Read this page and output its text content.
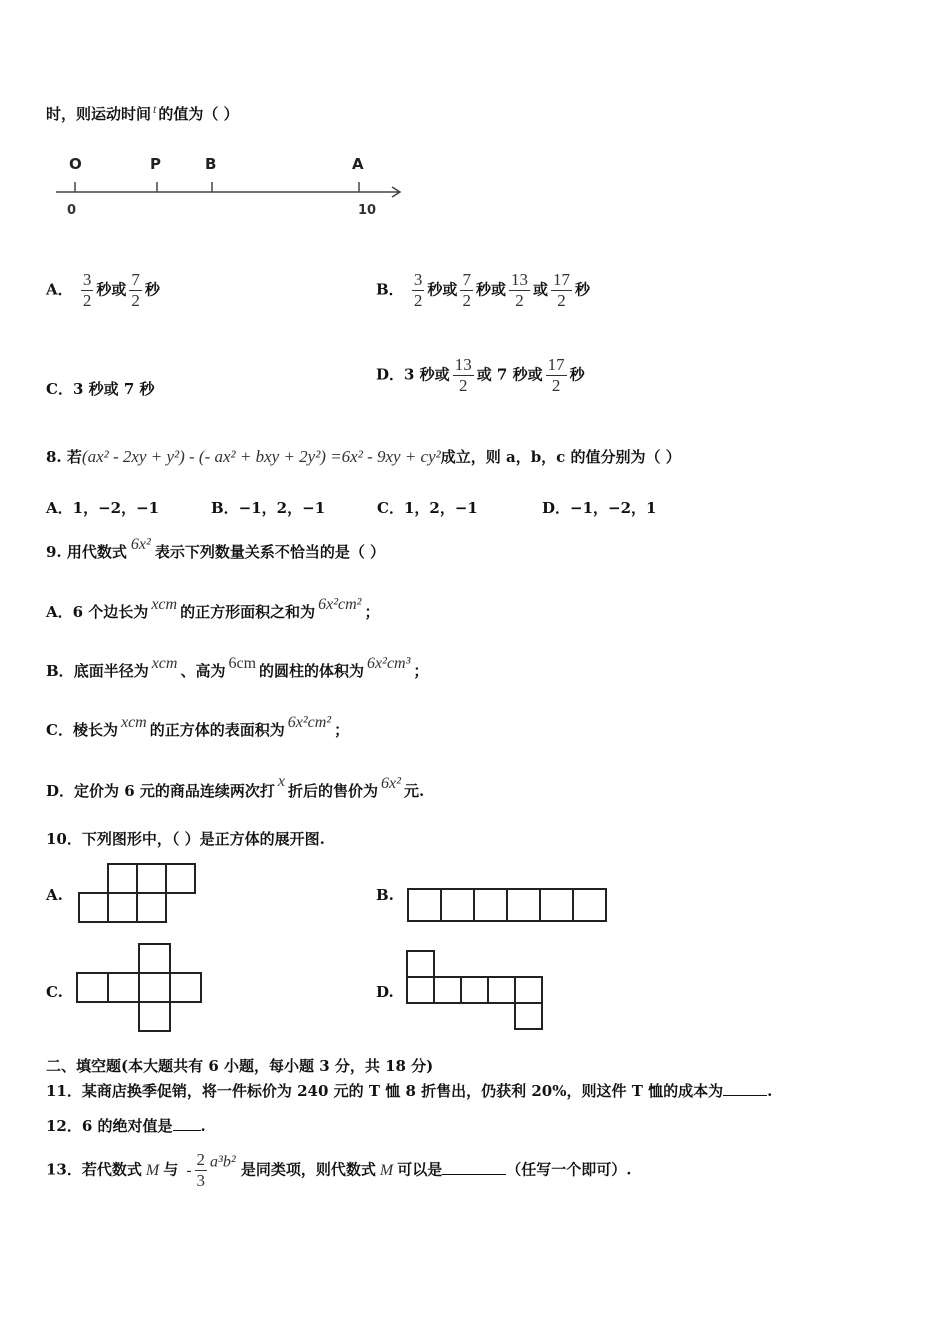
时，则运动时间 $^t$ 的值为（ ）
O	P	B	A
0	10
A． $\frac{3}{2}$ 秒或 $\frac{7}{2}$ 秒	B． $\frac{3}{2}$ 秒或 $\frac{7}{2}$ 秒或 $\frac{13}{2}$ 或 $\frac{17}{2}$ 秒
C．3 秒或 7 秒
D．3 秒或 $\frac{13}{2}$ 或 7 秒或 $\frac{17}{2}$ 秒
8. 若(ax² - 2xy + y²) - (- ax² + bxy + 2y²) =6x² - 9xy + cy²成立，则 a，b，c 的值分别为（ ）
A．1，−2，−1	B．−1，2，−1	C．1，2，−1	D．−1，−2，1
9. 用代数式 6x² 表示下列数量关系不恰当的是（ ）
A．6 个边长为 xcm 的正方形面积之和为 6x²cm² ；
B．底面半径为 xcm 、高为 6cm 的圆柱的体积为 6x²cm³ ；
C．棱长为 xcm 的正方体的表面积为 6x²cm² ；
D．定价为 6 元的商品连续两次打x折后的售价为 6x² 元.
10．下列图形中，（ ）是正方体的展开图.
A.	B.
C.	D.
二、填空题(本大题共有 6 小题，每小题 3 分，共 18 分)
11．某商店换季促销，将一件标价为 240 元的 T 恤 8 折售出，仍获利 20%，则这件 T 恤的成本为	.
12．6 的绝对值是 .
13．若代数式 M 与 - $\frac{2}{3} a^3b^2$ 是同类项，则代数式 M 可以是	（任写一个即可）.
